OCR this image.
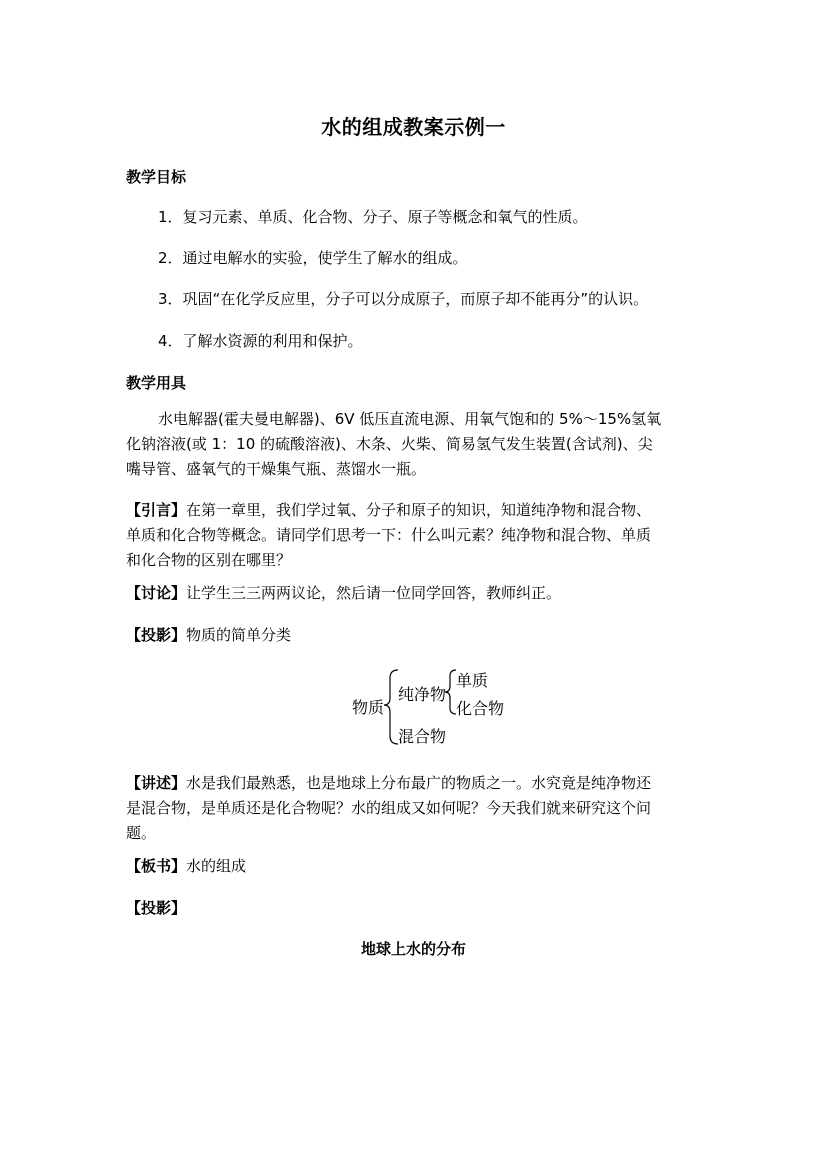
水的组成教案示例一
教学目标
1．复习元素、单质、化合物、分子、原子等概念和氧气的性质。
2．通过电解水的实验，使学生了解水的组成。
3．巩固“在化学反应里，分子可以分成原子，而原子却不能再分”的认识。
4．了解水资源的利用和保护。
教学用具
水电解器(霍夫曼电解器)、6V 低压直流电源、用氧气饱和的 5%～15%氢氧
化钠溶液(或 1：10 的硫酸溶液)、木条、火柴、简易氢气发生装置(含试剂)、尖
嘴导管、盛氧气的干燥集气瓶、蒸馏水一瓶。
【引言】在第一章里，我们学过氧、分子和原子的知识，知道纯净物和混合物、
单质和化合物等概念。请同学们思考一下：什么叫元素？纯净物和混合物、单质
和化合物的区别在哪里？
【讨论】让学生三三两两议论，然后请一位同学回答，教师纠正。
【投影】物质的简单分类
物质
纯净物
单质
化合物
混合物
【讲述】水是我们最熟悉，也是地球上分布最广的物质之一。水究竟是纯净物还
是混合物，是单质还是化合物呢？水的组成又如何呢？今天我们就来研究这个问
题。
【板书】水的组成
【投影】
地球上水的分布
